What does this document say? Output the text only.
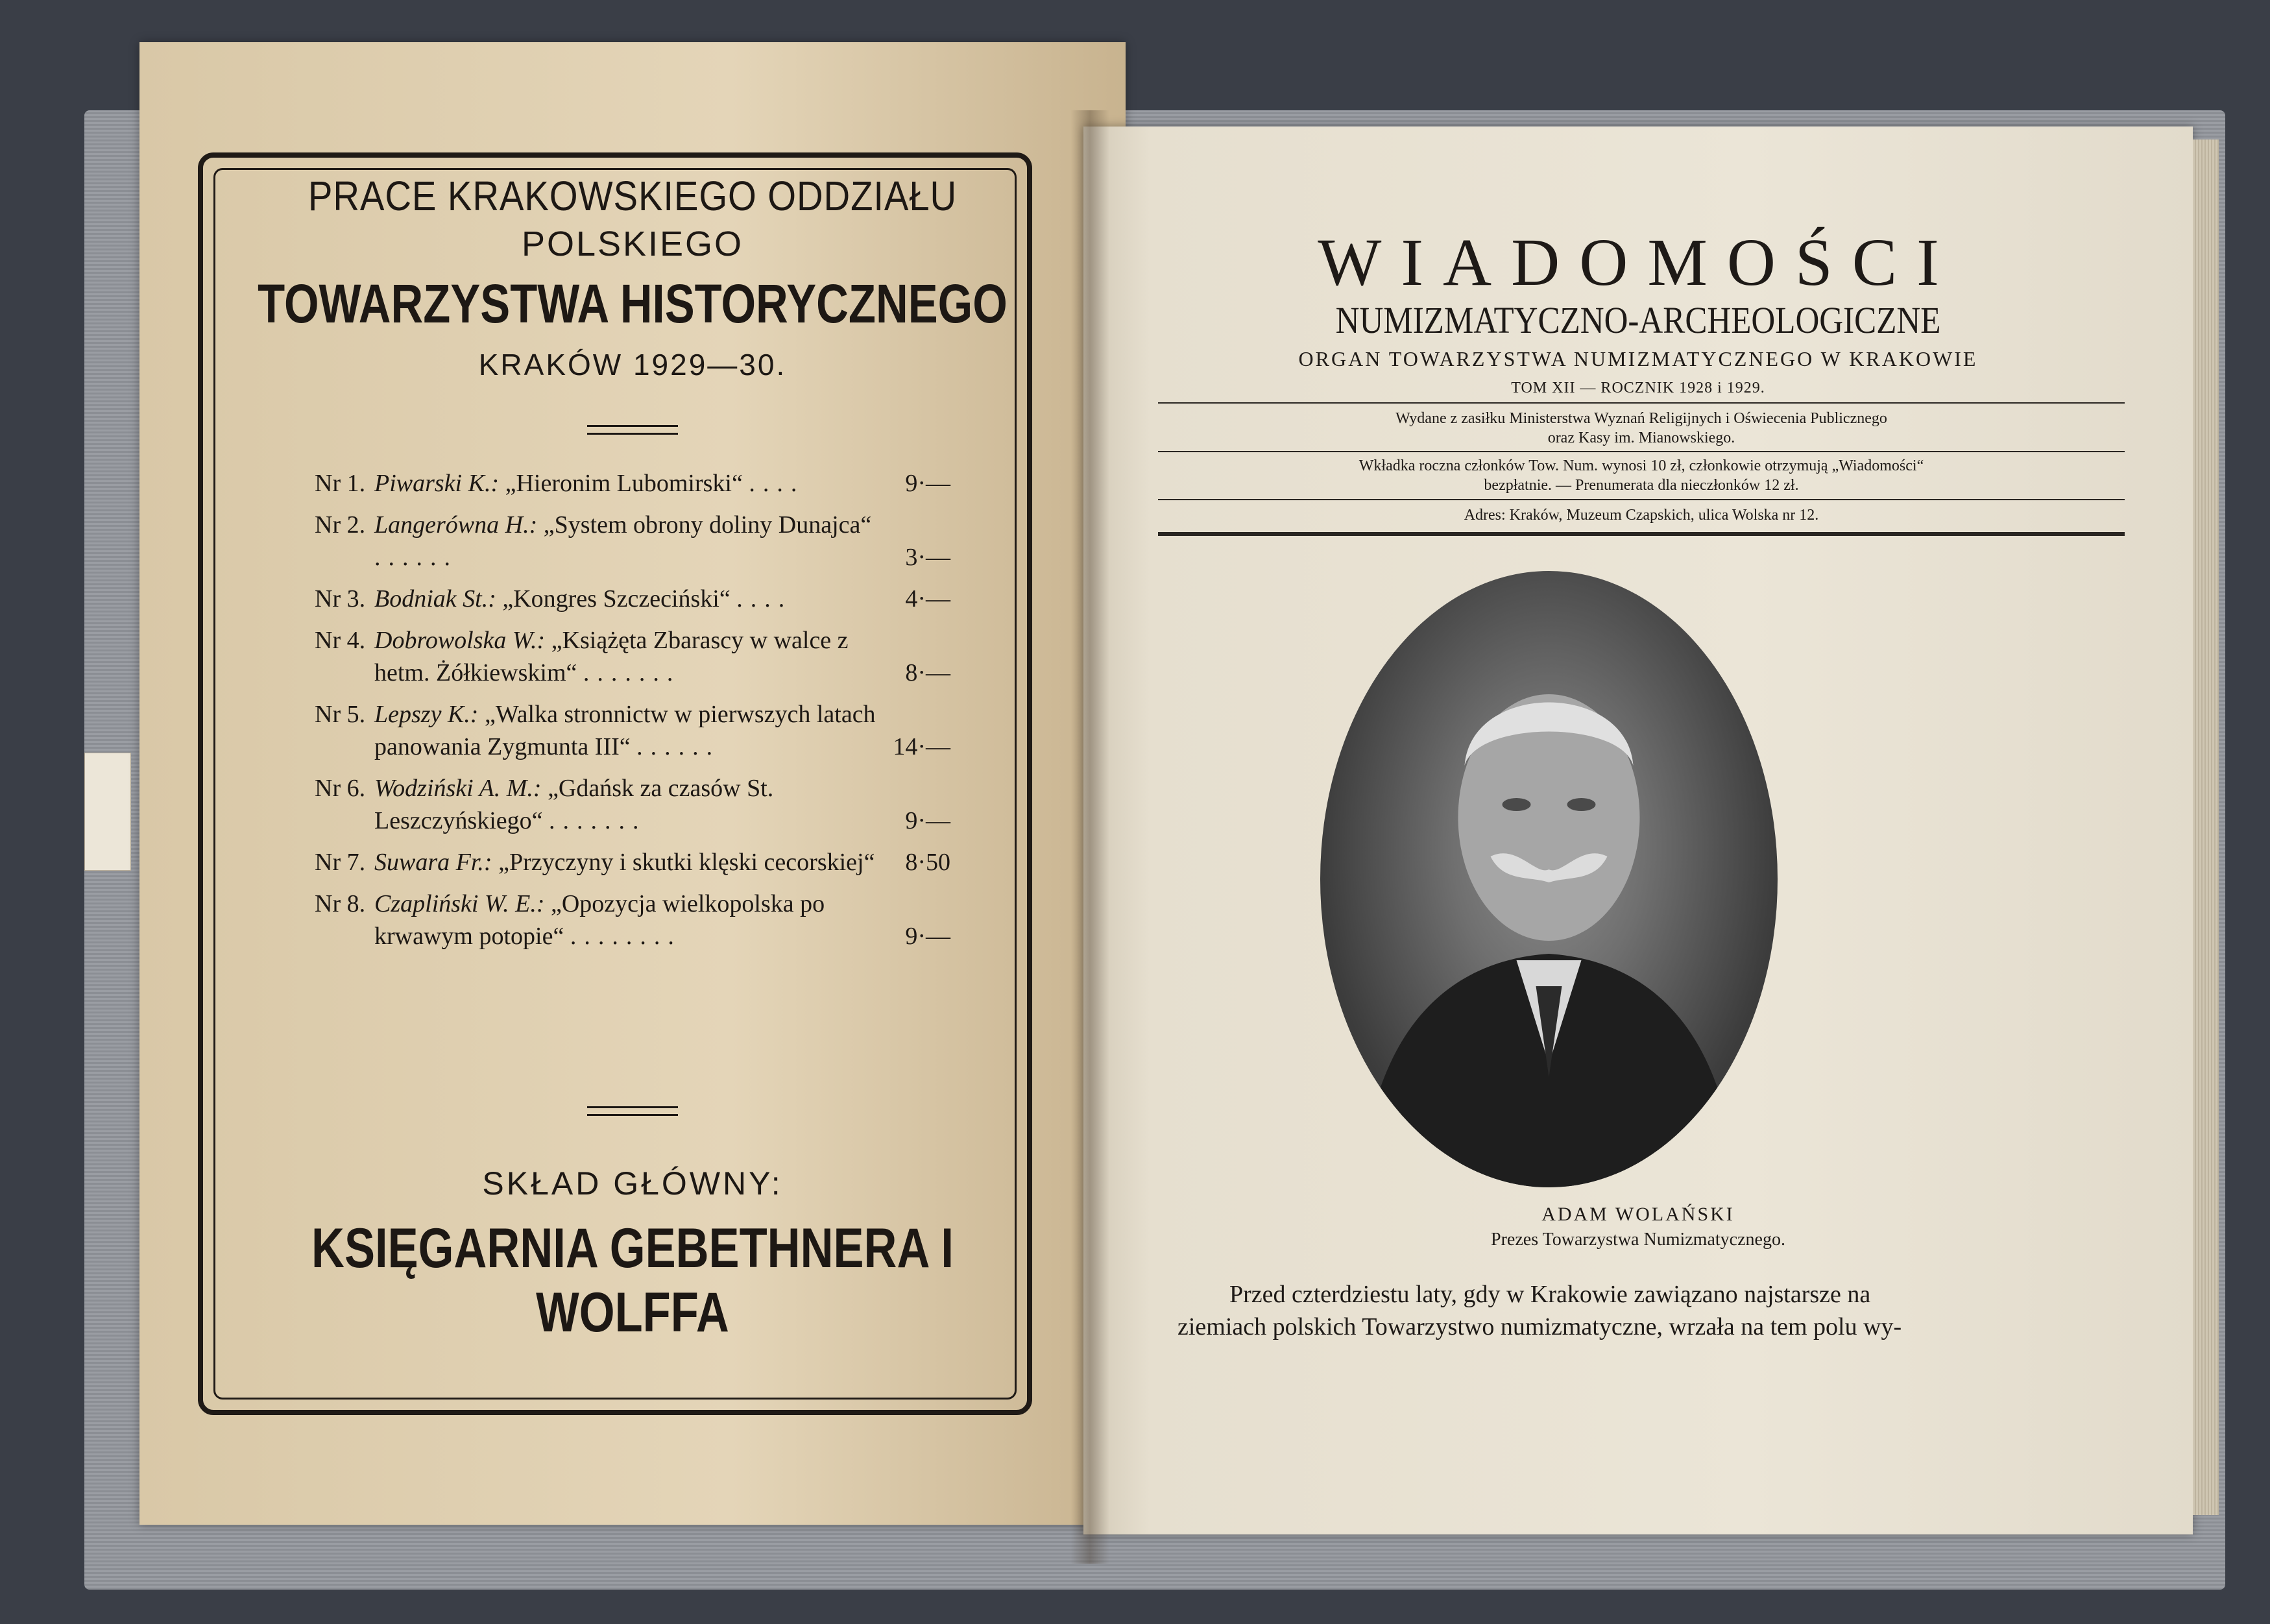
PRACE KRAKOWSKIEGO ODDZIAŁU
POLSKIEGO
TOWARZYSTWA HISTORYCZNEGO
KRAKÓW 1929—30.
Nr 1. Piwarski K.: „Hieronim Lubomirski“ ....	9·—
Nr 2. Langerówna H.: „System obrony doliny Dunajca“ ......	3·—
Nr 3. Bodniak St.: „Kongres Szczeciński“ ....	4·—
Nr 4. Dobrowolska W.: „Książęta Zbarascy w walce z hetm. Żółkiewskim“ .......	8·—
Nr 5. Lepszy K.: „Walka stronnictw w pierwszych latach panowania Zygmunta III“ ......	14·—
Nr 6. Wodziński A. M.: „Gdańsk za czasów St. Leszczyńskiego“ .......	9·—
Nr 7. Suwara Fr.: „Przyczyny i skutki klęski cecorskiej“	8·50
Nr 8. Czapliński W. E.: „Opozycja wielkopolska po krwawym potopie“ ........	9·—
SKŁAD GŁÓWNY:
KSIĘGARNIA GEBETHNERA I WOLFFA
WIADOMOŚCI
NUMIZMATYCZNO-ARCHEOLOGICZNE
ORGAN TOWARZYSTWA NUMIZMATYCZNEGO W KRAKOWIE
TOM XII — ROCZNIK 1928 i 1929.
Wydane z zasiłku Ministerstwa Wyznań Religijnych i Oświecenia Publicznego
oraz Kasy im. Mianowskiego.
Wkładka roczna członków Tow. Num. wynosi 10 zł, członkowie otrzymują „Wiadomości“
bezpłatnie. — Prenumerata dla nieczłonków 12 zł.
Adres: Kraków, Muzeum Czapskich, ulica Wolska nr 12.
ADAM WOLAŃSKI
Prezes Towarzystwa Numizmatycznego.
Przed czterdziestu laty, gdy w Krakowie zawiązano najstarsze na
ziemiach polskich Towarzystwo numizmatyczne, wrzała na tem polu wy-
